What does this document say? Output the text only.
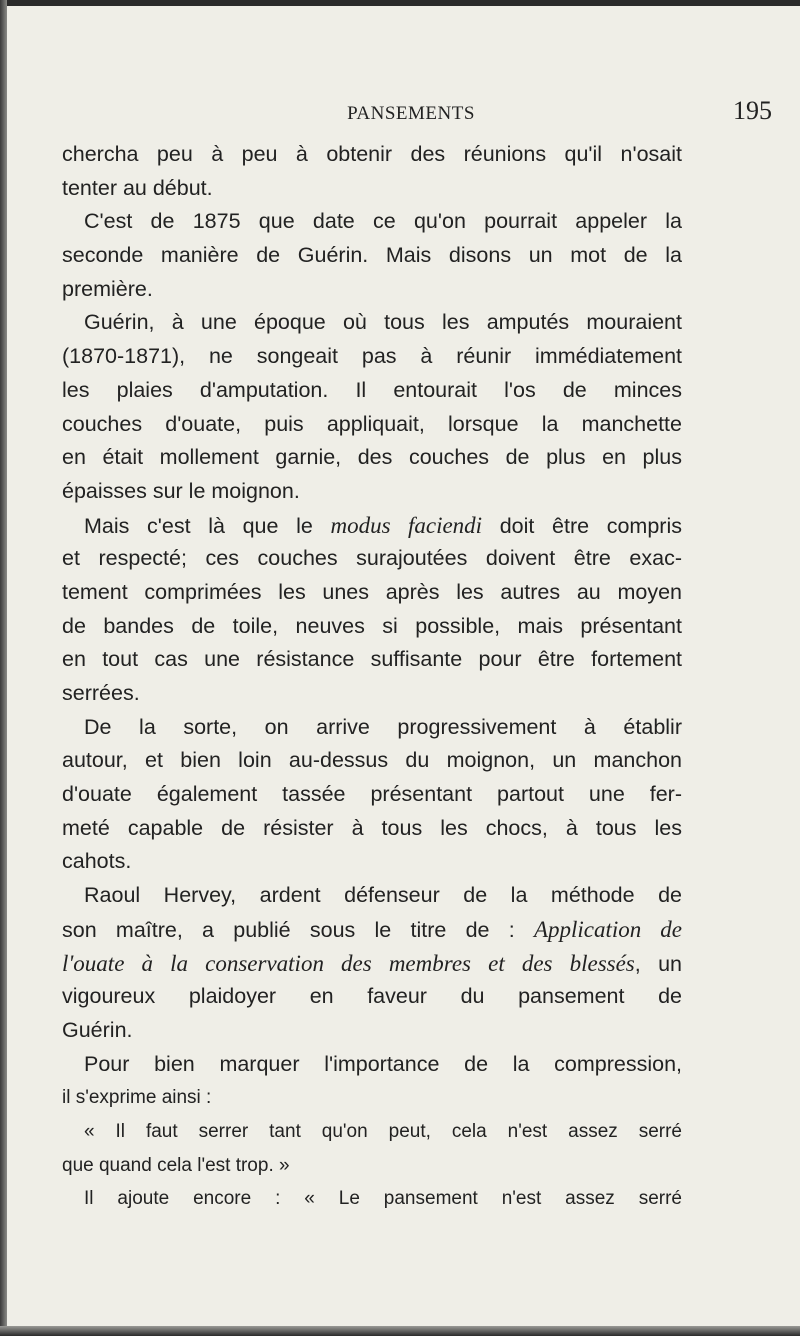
PANSEMENTS	195
chercha peu à peu à obtenir des réunions qu'il n'osait
tenter au début.
C'est de 1875 que date ce qu'on pourrait appeler la
seconde manière de Guérin. Mais disons un mot de la
première.
Guérin, à une époque où tous les amputés mouraient
(1870-1871), ne songeait pas à réunir immédiatement
les plaies d'amputation. Il entourait l'os de minces
couches d'ouate, puis appliquait, lorsque la manchette
en était mollement garnie, des couches de plus en plus
épaisses sur le moignon.
Mais c'est là que le modus faciendi doit être compris
et respecté; ces couches surajoutées doivent être exac-
tement comprimées les unes après les autres au moyen
de bandes de toile, neuves si possible, mais présentant
en tout cas une résistance suffisante pour être fortement
serrées.
De la sorte, on arrive progressivement à établir
autour, et bien loin au-dessus du moignon, un manchon
d'ouate également tassée présentant partout une fer-
meté capable de résister à tous les chocs, à tous les
cahots.
Raoul Hervey, ardent défenseur de la méthode de
son maître, a publié sous le titre de : Application de
l'ouate à la conservation des membres et des blessés, un
vigoureux plaidoyer en faveur du pansement de
Guérin.
Pour bien marquer l'importance de la compression,
il s'exprime ainsi :
« Il faut serrer tant qu'on peut, cela n'est assez serré
que quand cela l'est trop. »
Il ajoute encore : « Le pansement n'est assez serré
